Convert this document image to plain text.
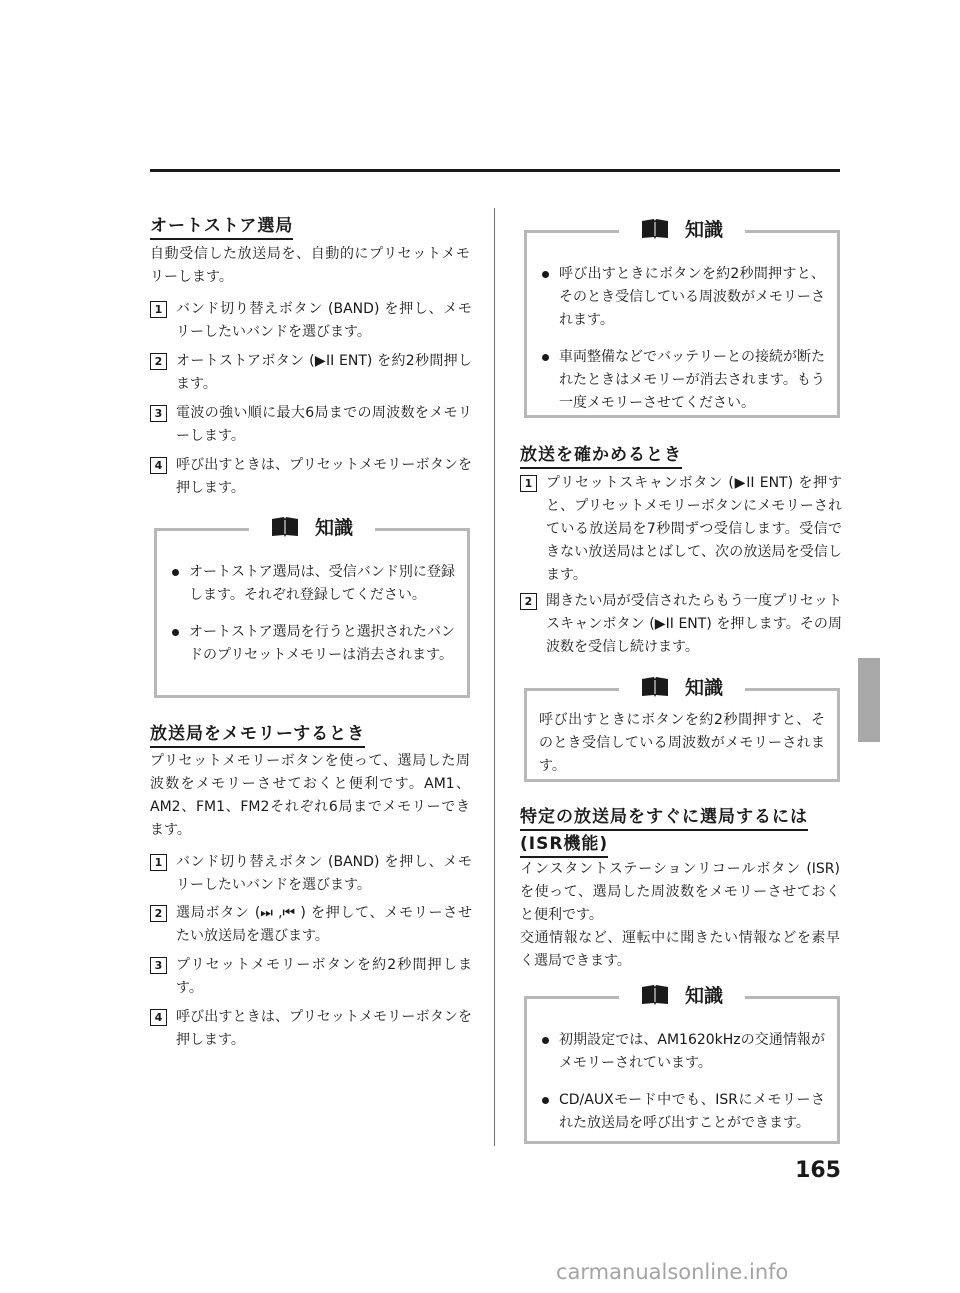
オートストア選局

自動受信した放送局を、自動的にプリセットメモリーします。

1 バンド切り替えボタン (BAND) を押し、メモリーしたいバンドを選びます。
2 オートストアボタン (▶II ENT) を約2秒間押します。
3 電波の強い順に最大6局までの周波数をメモリーします。
4 呼び出すときは、プリセットメモリーボタンを押します。
知識
オートストア選局は、受信バンド別に登録します。それぞれ登録してください。
オートストア選局を行うと選択されたバンドのプリセットメモリーは消去されます。
放送局をメモリーするとき

プリセットメモリーボタンを使って、選局した周波数をメモリーさせておくと便利です。AM1、AM2、FM1、FM2それぞれ6局までメモリーできます。

1 バンド切り替えボタン (BAND) を押し、メモリーしたいバンドを選びます。
2 選局ボタン (⏭ ,⏮ ) を押して、メモリーさせたい放送局を選びます。
3 プリセットメモリーボタンを約2秒間押します。
4 呼び出すときは、プリセットメモリーボタンを押します。
知識
呼び出すときにボタンを約2秒間押すと、そのとき受信している周波数がメモリーされます。
車両整備などでバッテリーとの接続が断たれたときはメモリーが消去されます。もう一度メモリーさせてください。
放送を確かめるとき
1 プリセットスキャンボタン (▶II ENT) を押すと、プリセットメモリーボタンにメモリーされている放送局を7秒間ずつ受信します。受信できない放送局はとばして、次の放送局を受信します。
2 聞きたい局が受信されたらもう一度プリセットスキャンボタン (▶II ENT) を押します。その周波数を受信し続けます。
知識
呼び出すときにボタンを約2秒間押すと、そのとき受信している周波数がメモリーされます。
特定の放送局をすぐに選局するには
(ISR機能)

インスタントステーションリコールボタン (ISR) を使って、選局した周波数をメモリーさせておくと便利です。

交通情報など、運転中に聞きたい情報などを素早く選局できます。

知識
初期設定では、AM1620kHzの交通情報がメモリーされています。
CD/AUXモード中でも、ISRにメモリーされた放送局を呼び出すことができます。
165
carmanualsonline.info
